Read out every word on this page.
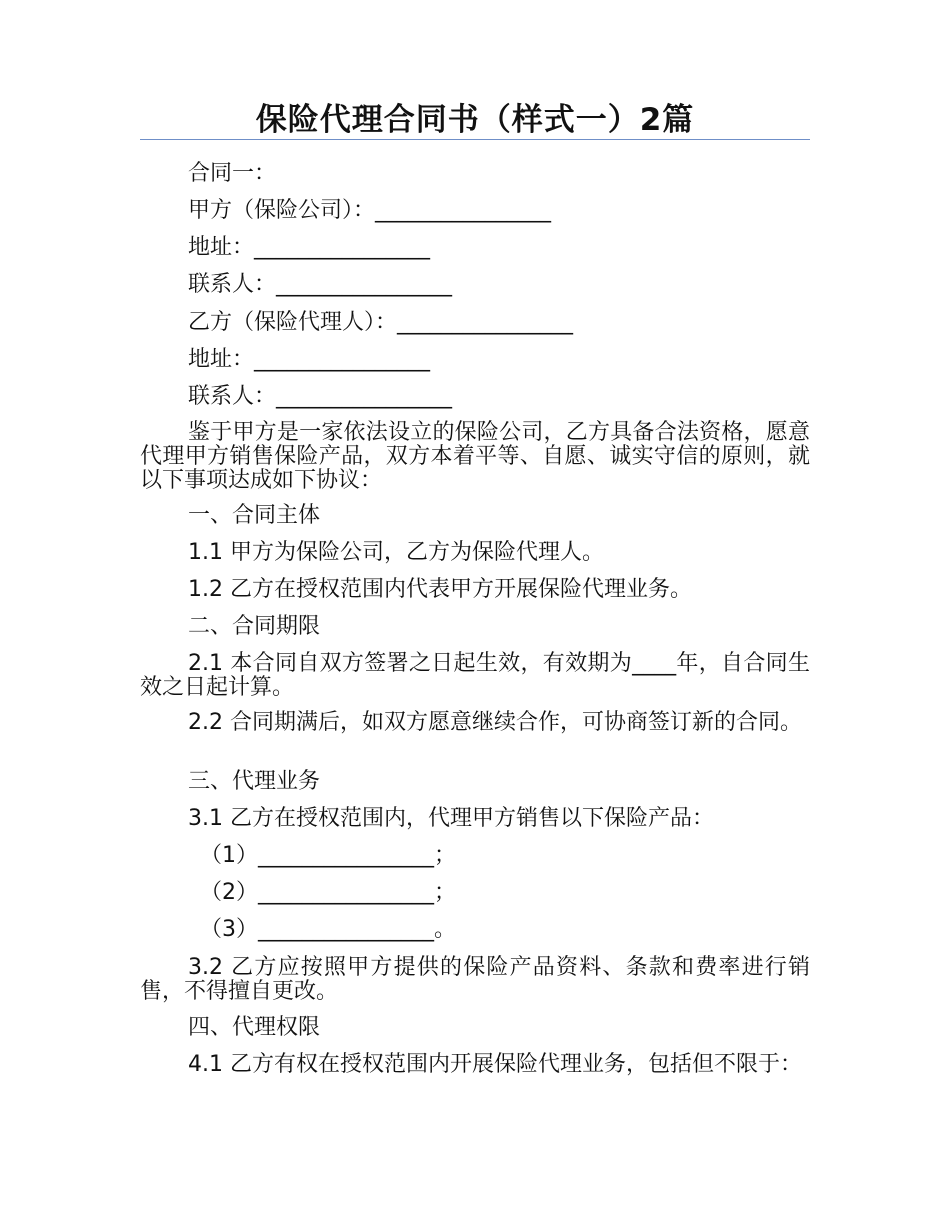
保险代理合同书（样式一）2篇
合同一：
甲方（保险公司）：________________
地址：________________
联系人：________________
乙方（保险代理人）：________________
地址：________________
联系人：________________
鉴于甲方是一家依法设立的保险公司，乙方具备合法资格，愿意代理甲方销售保险产品，双方本着平等、自愿、诚实守信的原则，就以下事项达成如下协议：
一、合同主体
1.1 甲方为保险公司，乙方为保险代理人。
1.2 乙方在授权范围内代表甲方开展保险代理业务。
二、合同期限
2.1 本合同自双方签署之日起生效，有效期为____年，自合同生效之日起计算。
2.2 合同期满后，如双方愿意继续合作，可协商签订新的合同。
三、代理业务
3.1 乙方在授权范围内，代理甲方销售以下保险产品：
（1）________________；
（2）________________；
（3）________________。
3.2 乙方应按照甲方提供的保险产品资料、条款和费率进行销售，不得擅自更改。
四、代理权限
4.1 乙方有权在授权范围内开展保险代理业务，包括但不限于：
